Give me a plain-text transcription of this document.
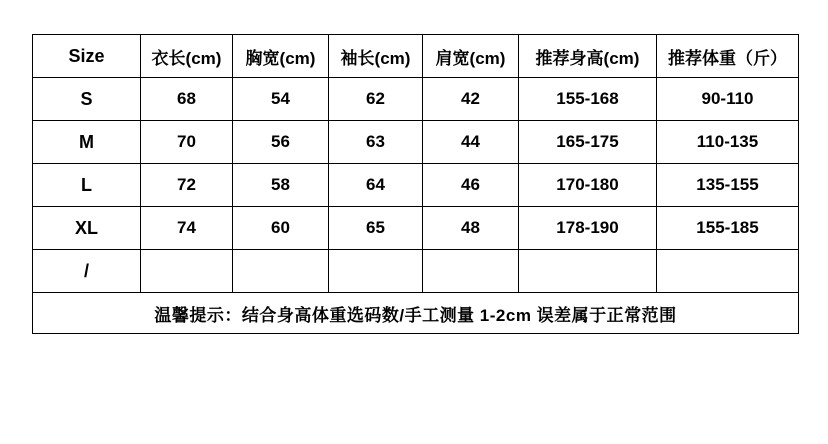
Size	衣长(cm)	胸宽(cm)	袖长(cm)	肩宽(cm)	推荐身高(cm)	推荐体重（斤）
S	68	54	62	42	155-168	90-110
M	70	56	63	44	165-175	110-135
L	72	58	64	46	170-180	135-155
XL	74	60	65	48	178-190	155-185
/						
温馨提示：结合身高体重选码数/手工测量 1-2cm 误差属于正常范围						
